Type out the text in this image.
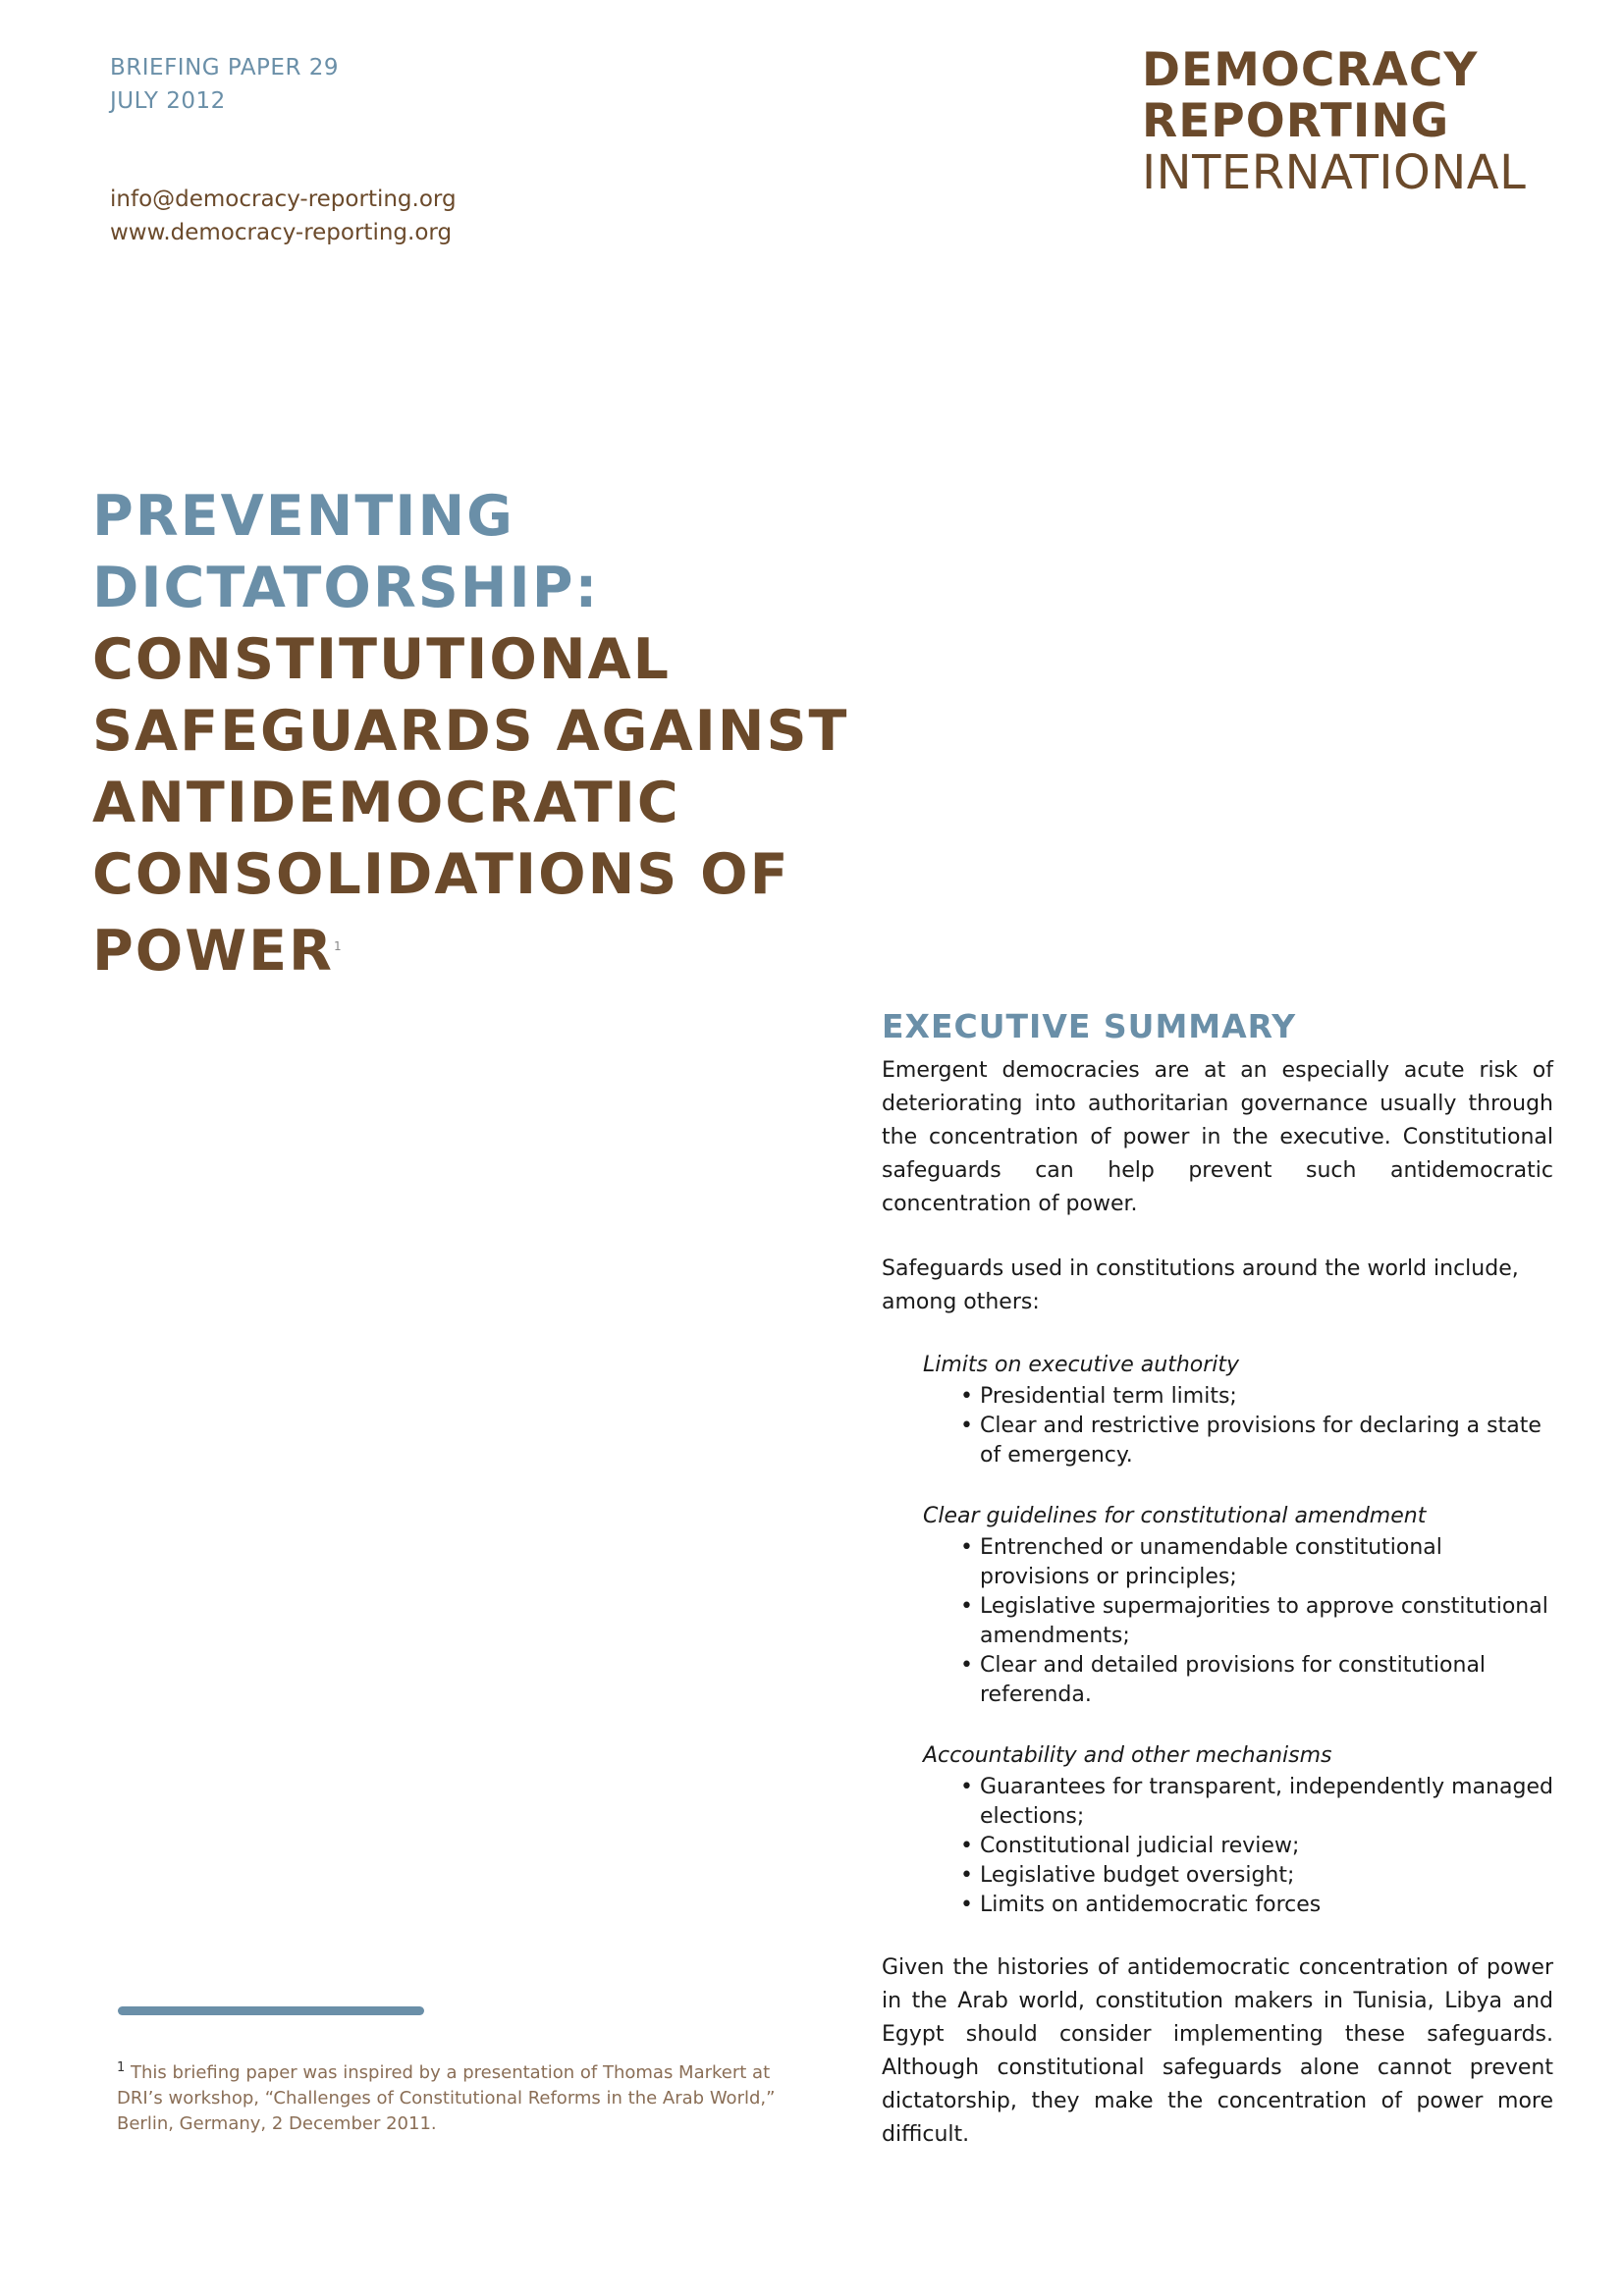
BRIEFING PAPER 29
JULY 2012
info@democracy-reporting.org
www.democracy-reporting.org
DEMOCRACY
REPORTING
INTERNATIONAL
PREVENTING
DICTATORSHIP:
CONSTITUTIONAL
SAFEGUARDS AGAINST
ANTIDEMOCRATIC
CONSOLIDATIONS OF
POWER$^1$
$^1$ This briefing paper was inspired by a presentation of Thomas Markert at DRI’s workshop, “Challenges of Constitutional Reforms in the Arab World,” Berlin, Germany, 2 December 2011.
EXECUTIVE SUMMARY

Emergent democracies are at an especially acute risk of deteriorating into authoritarian governance usually through the concentration of power in the executive. Constitutional safeguards can help prevent such antidemocratic concentration of power.

Safeguards used in constitutions around the world include, among others:

Limits on executive authority
• Presidential term limits;
• Clear and restrictive provisions for declaring a state of emergency.
Clear guidelines for constitutional amendment
• Entrenched or unamendable constitutional provisions or principles;
• Legislative supermajorities to approve constitutional amendments;
• Clear and detailed provisions for constitutional referenda.
Accountability and other mechanisms
• Guarantees for transparent, independently managed elections;
• Constitutional judicial review;
• Legislative budget oversight;
• Limits on antidemocratic forces

Given the histories of antidemocratic concentration of power in the Arab world, constitution makers in Tunisia, Libya and Egypt should consider implementing these safeguards. Although constitutional safeguards alone cannot prevent dictatorship, they make the concentration of power more difficult.
